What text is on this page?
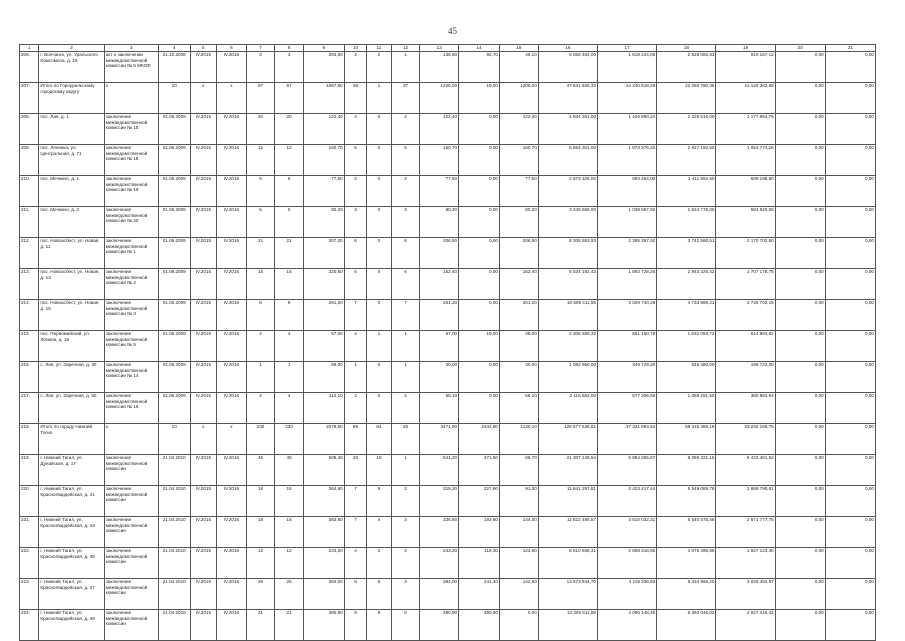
45
1	2	3	4	5	6	7	8	9	10	11	12	13	14	15	16	17	18	19	20	21
206.	г. Волчанск, ул. Уральского Комсомола, д. 19	акт о заключении межведомственной комиссии № 5 МКОФ	21.10.2008	IV.2015	IV.2016	3	3	393,60	3	2	1	138,80	92,70	46,10	5 056 484,00	1 618 224,05	2 528 092,83	910 167,12	0,00	0,00
207.	Итого по Горнуральскому городскому округу	х	10	х	х	97	97	1667,80	38	1	37	1226,00	19,00	1206,00	47 631 666,33	14 240 518,29	22 256 780,36	11 140 362,68	0,00	0,00
208.	пос. Лая, д. 1	заключение межведомственной комиссии № 15	01.06.2009	IV.2015	IV.2016	20	20	122,40	4	0	4	122,40	0,00	122,40	4 834 261,00	1 426 890,24	2 229 516,00	1 177 854,76	0,00	0,00
209.	пос. Леневка, ул. Центральная, д. 71	заключение межведомственной комиссии № 18	01.06.2009	IV.2015	IV.2016	12	12	160,70	5	0	5	160,70	0,00	160,70	5 854 301,00	1 873 376,32	2 927 150,50	1 053 774,18	0,00	0,00
210.	пос. Мечкино, д. 1	заключение межведомственной комиссии № 19	01.06.2009	IV.2015	IV.2016	6	6	77,50	2	0	2	77,50	0,00	77,50	2 873 325,00	893 464,00	1 411 662,50	509 198,50	0,00	0,00
211.	пос. Мечкино, д. 2	заключение межведомственной комиссии № 20	01.06.2009	IV.2015	IV.2016	5	5	80,20	3	0	3	80,20	0,00	80,20	3 249 556,00	1 039 857,92	1 624 778,00	584 920,08	0,00	0,00
212.	пос. Новоасбест, ул. Новая, д. 11	заключение межведомственной комиссии № 1	01.06.2009	IV.2015	IV.2016	21	21	307,20	6	0	6	206,50	0,00	206,50	8 308 553,93	2 395 357,92	3 742 580,51	2 170 702,50	0,00	0,00
213.	пос. Новоасбест, ул. Новая, д. 13	заключение межведомственной комиссии № 2	01.06.2009	IV.2015	IV.2016	15	15	320,50	6	0	6	162,40	0,00	162,40	6 534 192,43	1 893 728,26	2 943 325,42	1 707 178,75	0,00	0,00
214.	пос. Новоасбест, ул. Новая, д. 15	заключение межведомственной комиссии № 3	01.06.2009	IV.2015	IV.2016	8	8	261,20	7	0	7	261,20	0,00	261,20	10 509 411,55	3 029 740,29	4 733 869,21	2 745 702,15	0,00	0,00
215.	пос. Первомайский, ул. Ленина, д. 18	заключение межведомственной комиссии № 5	01.06.2009	IV.2015	IV.2016	4	4	57,00	2	1	1	57,00	19,00	38,00	2 308 589,32	661 160,78	1 032 093,72	614 984,82	0,00	0,00
216.	с. Лая, ул. Заречная, д. 30	заключение межведомственной комиссии № 14	01.06.2009	IV.2015	IV.2016	1	1	69,00	1	0	1	30,00	0,00	30,00	1 092 960,00	349 729,20	546 480,00	196 722,00	0,00	0,00
217.	с. Лая, ул. Заречная, д. 50	заключение межведомственной комиссии № 16	01.06.2009	IV.2015	IV.2016	4	4	112,10	2	0	2	58,10	0,00	58,10	2 116 583,00	677 306,56	1 058 291,50	380 984,94	0,00	0,00
218.	Итого по городу Нижний Тагил	х	10	х	х	230	230	2678,50	89	64	25	3471,90	2342,80	1130,10	128 677 536,61	37 321 893,64	58 315 469,18	33 240 169,79	0,00	0,00
219.	г. Нижний Тагил, ул. Дунайская, д. 17	заключение межведомственной комиссии	21.04.2010	IV.2015	IV.2016	45	45	508,40	20	19	1	541,20	471,50	69,70	21 307 148,54	5 994 365,67	8 069 321,15	6 433 461,52	0,00	0,00
220.	г. Нижний Тагил, ул. Красногвардейская, д. 41	заключение межведомственной комиссии	21.04.2010	IV.2015	IV.2016	16	16	364,60	7	5	2	319,20	227,90	91,30	11 841 297,81	3 423 417,44	5 549 089,76	2 868 790,61	0,00	0,00
221.	г. Нижний Тагил, ул. Красногвардейская, д. 43	заключение межведомственной комиссии	21.04.2010	IV.2015	IV.2016	18	18	383,80	7	4	3	336,60	192,60	144,00	11 822 485,57	3 610 032,31	5 540 875,48	2 671 777,78	0,00	0,00
222.	г. Нижний Тагил, ул. Красногвардейская, д. 45	заключение межведомственной комиссии	21.04.2010	IV.2015	IV.2016	12	12	243,20	4	2	2	243,20	119,30	123,90	8 610 938,31	2 608 318,65	4 075 496,86	1 927 123,30	0,00	0,00
223.	г. Нижний Тагил, ул. Красногвардейская, д. 47	заключение межведомственной комиссии	21.04.2010	IV.2015	IV.2016	26	26	384,00	8	5	3	384,00	241,40	142,60	13 573 944,70	4 119 336,93	6 434 965,20	3 025 452,57	0,00	0,00
224.	г. Нижний Тагил, ул. Красногвардейская, д. 49	заключение межведомственной комиссии	21.04.2010	IV.2015	IV.2016	21	21	380,90	9	9	0	380,90	380,90	0,00	13 305 611,89	4 085 148,45	6 393 046,02	2 827 416,42	0,00	0,00
